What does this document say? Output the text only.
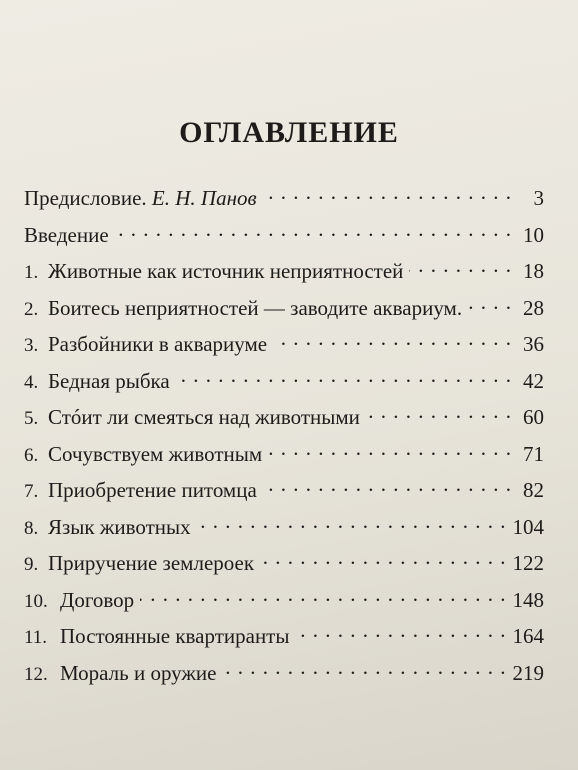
ОГЛАВЛЕНИЕ
Предисловие. Е. Н. Панов . . .	3
Введение . . .	10
1. Животные как источник неприятностей . . .	18
2. Боитесь неприятностей — заводите аквариум. . . .	28
3. Разбойники в аквариуме . . .	36
4. Бедная рыбка . . .	42
5. Стóит ли смеяться над животными . . .	60
6. Сочувствуем животным . . .	71
7. Приобретение питомца . . .	82
8. Язык животных . . .	104
9. Приручение землероек . . .	122
10. Договор . . .	148
11. Постоянные квартиранты . . .	164
12. Мораль и оружие . . .	219
